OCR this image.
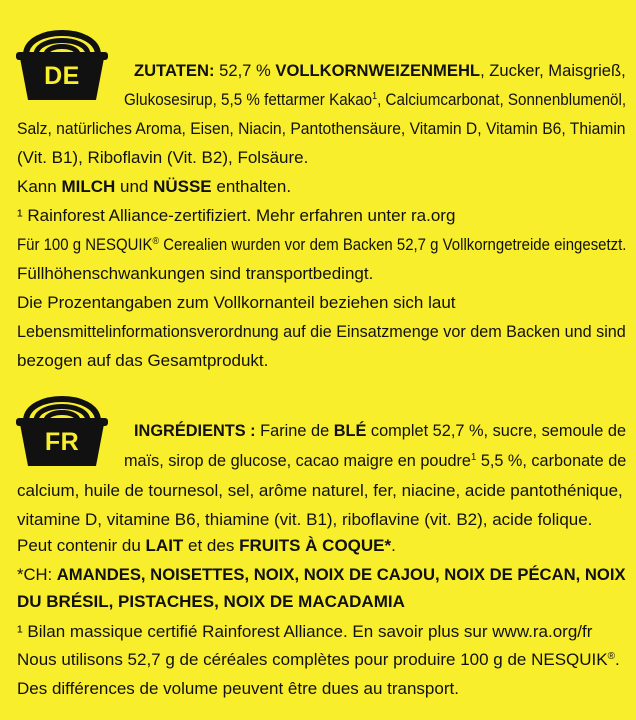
DE	ZUTATEN: 52,7 % VOLLKORNWEIZENMEHL, Zucker, Maisgrieß,
Glukosesirup, 5,5 % fettarmer Kakao$^1$, Calciumcarbonat, Sonnenblumenöl,
Salz, natürliches Aroma, Eisen, Niacin, Pantothensäure, Vitamin D, Vitamin B6, Thiamin
(Vit. B1), Riboflavin (Vit. B2), Folsäure.
Kann MILCH und NÜSSE enthalten.
¹ Rainforest Alliance-zertifiziert. Mehr erfahren unter ra.org
Für 100 g NESQUIK® Cerealien wurden vor dem Backen 52,7 g Vollkorngetreide eingesetzt.
Füllhöhenschwankungen sind transportbedingt.
Die Prozentangaben zum Vollkornanteil beziehen sich laut
Lebensmittelinformationsverordnung auf die Einsatzmenge vor dem Backen und sind
bezogen auf das Gesamtprodukt.
FR	INGRÉDIENTS : Farine de BLÉ complet 52,7 %, sucre, semoule de
maïs, sirop de glucose, cacao maigre en poudre$^1$ 5,5 %, carbonate de
calcium, huile de tournesol, sel, arôme naturel, fer, niacine, acide pantothénique,
vitamine D, vitamine B6, thiamine (vit. B1), riboflavine (vit. B2), acide folique.
Peut contenir du LAIT et des FRUITS À COQUE*.
*CH: AMANDES, NOISETTES, NOIX, NOIX DE CAJOU, NOIX DE PÉCAN, NOIX
DU BRÉSIL, PISTACHES, NOIX DE MACADAMIA
¹ Bilan massique certifié Rainforest Alliance. En savoir plus sur www.ra.org/fr
Nous utilisons 52,7 g de céréales complètes pour produire 100 g de NESQUIK®.
Des différences de volume peuvent être dues au transport.
